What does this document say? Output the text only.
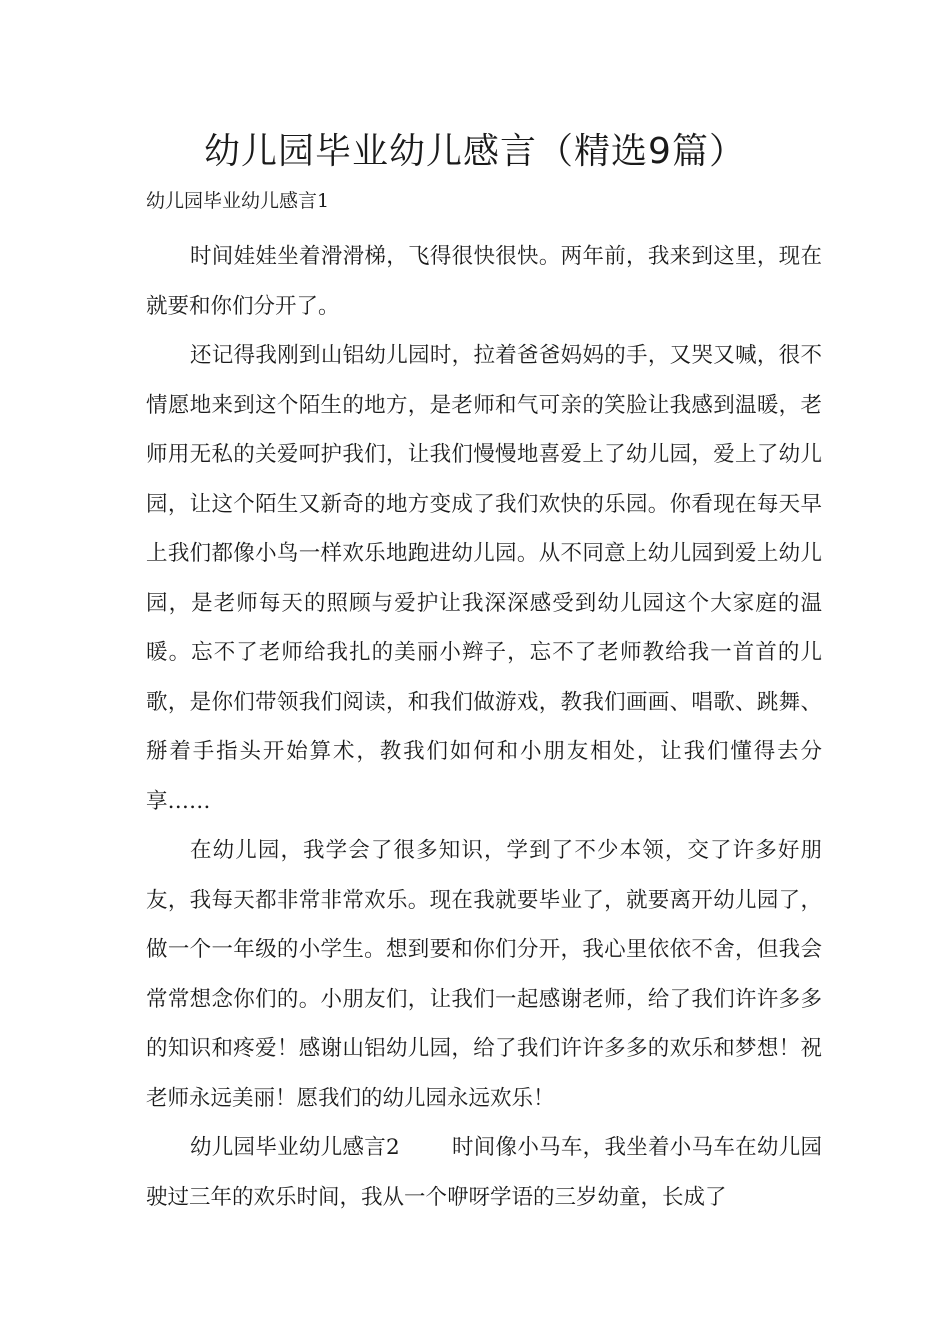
幼儿园毕业幼儿感言（精选9篇）

幼儿园毕业幼儿感言1

时间娃娃坐着滑滑梯，飞得很快很快。两年前，我来到这里，现在就要和你们分开了。

还记得我刚到山铝幼儿园时，拉着爸爸妈妈的手，又哭又喊，很不情愿地来到这个陌生的地方，是老师和气可亲的笑脸让我感到温暖，老师用无私的关爱呵护我们，让我们慢慢地喜爱上了幼儿园，爱上了幼儿园，让这个陌生又新奇的地方变成了我们欢快的乐园。你看现在每天早上我们都像小鸟一样欢乐地跑进幼儿园。从不同意上幼儿园到爱上幼儿园，是老师每天的照顾与爱护让我深深感受到幼儿园这个大家庭的温暖。忘不了老师给我扎的美丽小辫子，忘不了老师教给我一首首的儿歌，是你们带领我们阅读，和我们做游戏，教我们画画、唱歌、跳舞、掰着手指头开始算术，教我们如何和小朋友相处，让我们懂得去分享……

在幼儿园，我学会了很多知识，学到了不少本领，交了许多好朋友，我每天都非常非常欢乐。现在我就要毕业了，就要离开幼儿园了，做一个一年级的小学生。想到要和你们分开，我心里依依不舍，但我会常常想念你们的。小朋友们，让我们一起感谢老师，给了我们许许多多的知识和疼爱！感谢山铝幼儿园，给了我们许许多多的欢乐和梦想！祝老师永远美丽！愿我们的幼儿园永远欢乐！

幼儿园毕业幼儿感言2 时间像小马车，我坐着小马车在幼儿园驶过三年的欢乐时间，我从一个咿呀学语的三岁幼童，长成了
